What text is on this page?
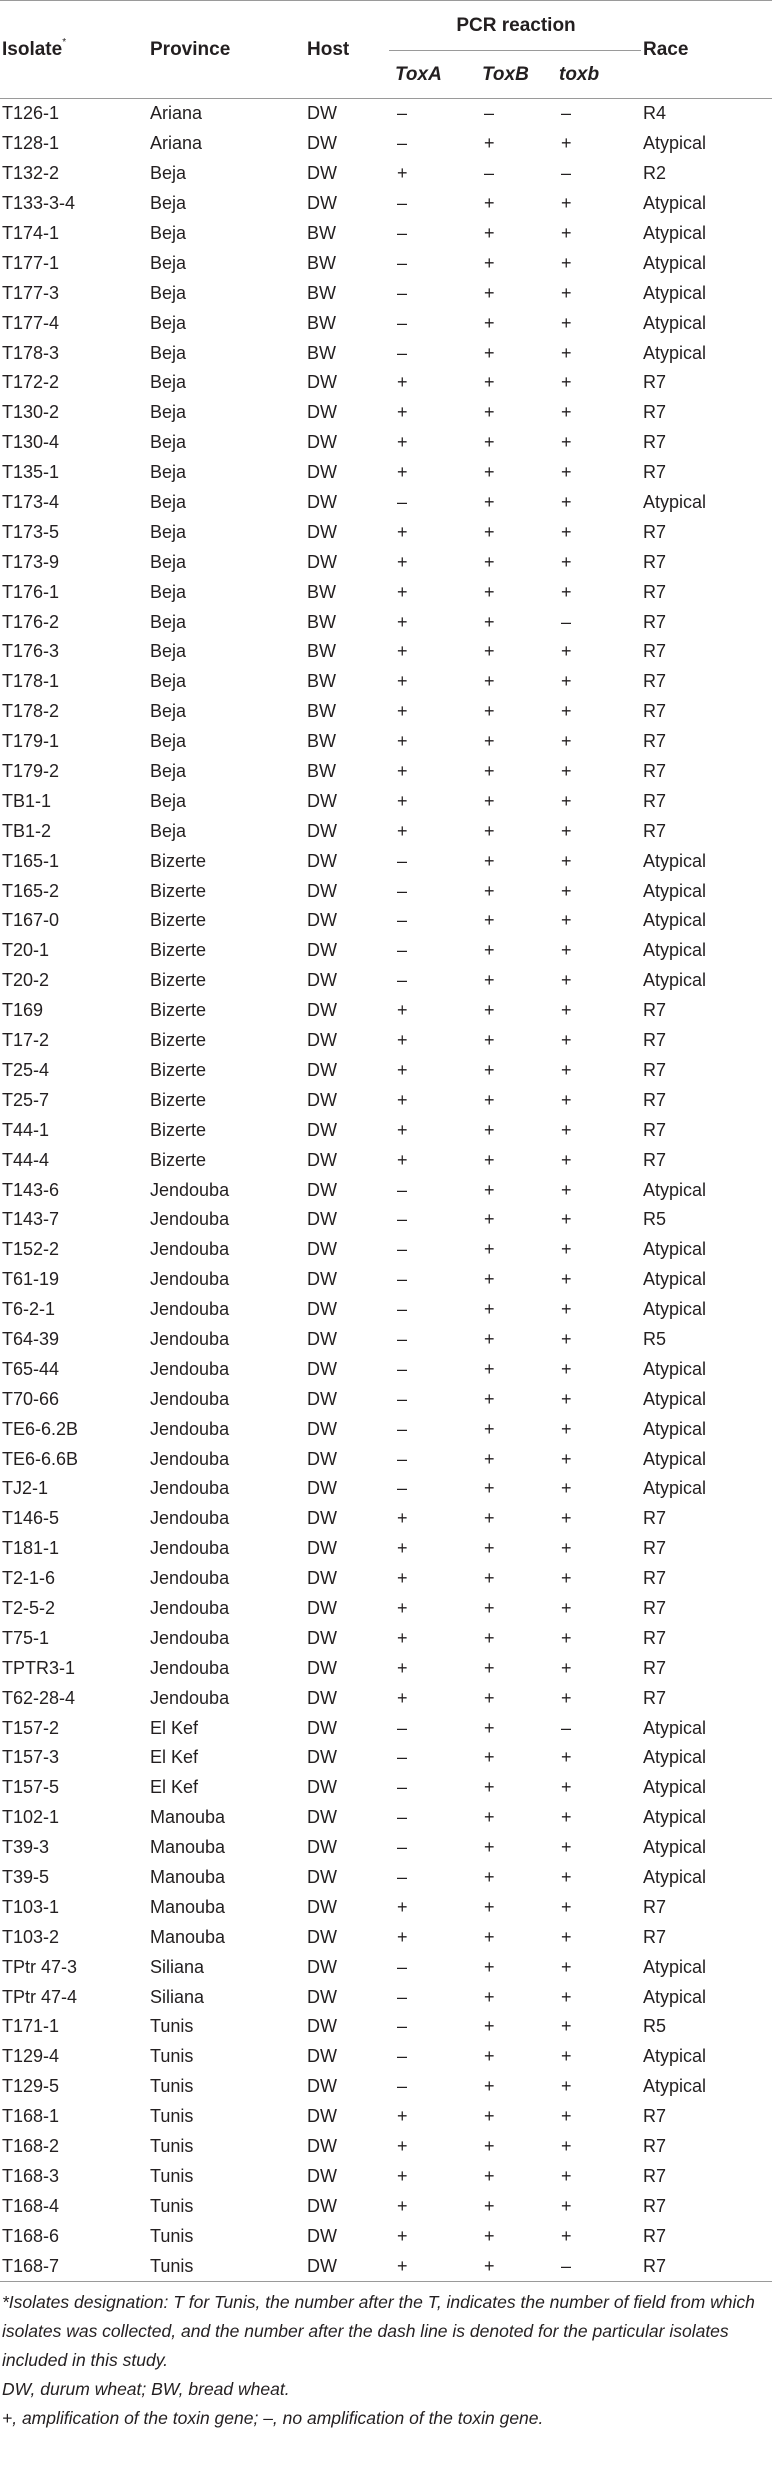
Isolate*	Province	Host	PCR reaction			Race
			ToxA	ToxB	toxb	
T126-1	Ariana	DW	–	–	–	R4
T128-1	Ariana	DW	–	+	+	Atypical
T132-2	Beja	DW	+	–	–	R2
T133-3-4	Beja	DW	–	+	+	Atypical
T174-1	Beja	BW	–	+	+	Atypical
T177-1	Beja	BW	–	+	+	Atypical
T177-3	Beja	BW	–	+	+	Atypical
T177-4	Beja	BW	–	+	+	Atypical
T178-3	Beja	BW	–	+	+	Atypical
T172-2	Beja	DW	+	+	+	R7
T130-2	Beja	DW	+	+	+	R7
T130-4	Beja	DW	+	+	+	R7
T135-1	Beja	DW	+	+	+	R7
T173-4	Beja	DW	–	+	+	Atypical
T173-5	Beja	DW	+	+	+	R7
T173-9	Beja	DW	+	+	+	R7
T176-1	Beja	BW	+	+	+	R7
T176-2	Beja	BW	+	+	–	R7
T176-3	Beja	BW	+	+	+	R7
T178-1	Beja	BW	+	+	+	R7
T178-2	Beja	BW	+	+	+	R7
T179-1	Beja	BW	+	+	+	R7
T179-2	Beja	BW	+	+	+	R7
TB1-1	Beja	DW	+	+	+	R7
TB1-2	Beja	DW	+	+	+	R7
T165-1	Bizerte	DW	–	+	+	Atypical
T165-2	Bizerte	DW	–	+	+	Atypical
T167-0	Bizerte	DW	–	+	+	Atypical
T20-1	Bizerte	DW	–	+	+	Atypical
T20-2	Bizerte	DW	–	+	+	Atypical
T169	Bizerte	DW	+	+	+	R7
T17-2	Bizerte	DW	+	+	+	R7
T25-4	Bizerte	DW	+	+	+	R7
T25-7	Bizerte	DW	+	+	+	R7
T44-1	Bizerte	DW	+	+	+	R7
T44-4	Bizerte	DW	+	+	+	R7
T143-6	Jendouba	DW	–	+	+	Atypical
T143-7	Jendouba	DW	–	+	+	R5
T152-2	Jendouba	DW	–	+	+	Atypical
T61-19	Jendouba	DW	–	+	+	Atypical
T6-2-1	Jendouba	DW	–	+	+	Atypical
T64-39	Jendouba	DW	–	+	+	R5
T65-44	Jendouba	DW	–	+	+	Atypical
T70-66	Jendouba	DW	–	+	+	Atypical
TE6-6.2B	Jendouba	DW	–	+	+	Atypical
TE6-6.6B	Jendouba	DW	–	+	+	Atypical
TJ2-1	Jendouba	DW	–	+	+	Atypical
T146-5	Jendouba	DW	+	+	+	R7
T181-1	Jendouba	DW	+	+	+	R7
T2-1-6	Jendouba	DW	+	+	+	R7
T2-5-2	Jendouba	DW	+	+	+	R7
T75-1	Jendouba	DW	+	+	+	R7
TPTR3-1	Jendouba	DW	+	+	+	R7
T62-28-4	Jendouba	DW	+	+	+	R7
T157-2	El Kef	DW	–	+	–	Atypical
T157-3	El Kef	DW	–	+	+	Atypical
T157-5	El Kef	DW	–	+	+	Atypical
T102-1	Manouba	DW	–	+	+	Atypical
T39-3	Manouba	DW	–	+	+	Atypical
T39-5	Manouba	DW	–	+	+	Atypical
T103-1	Manouba	DW	+	+	+	R7
T103-2	Manouba	DW	+	+	+	R7
TPtr 47-3	Siliana	DW	–	+	+	Atypical
TPtr 47-4	Siliana	DW	–	+	+	Atypical
T171-1	Tunis	DW	–	+	+	R5
T129-4	Tunis	DW	–	+	+	Atypical
T129-5	Tunis	DW	–	+	+	Atypical
T168-1	Tunis	DW	+	+	+	R7
T168-2	Tunis	DW	+	+	+	R7
T168-3	Tunis	DW	+	+	+	R7
T168-4	Tunis	DW	+	+	+	R7
T168-6	Tunis	DW	+	+	+	R7
T168-7	Tunis	DW	+	+	–	R7

*Isolates designation: T for Tunis, the number after the T, indicates the number of field from which isolates was collected, and the number after the dash line is denoted for the particular isolates included in this study.

DW, durum wheat; BW, bread wheat.

+, amplification of the toxin gene; –, no amplification of the toxin gene.
